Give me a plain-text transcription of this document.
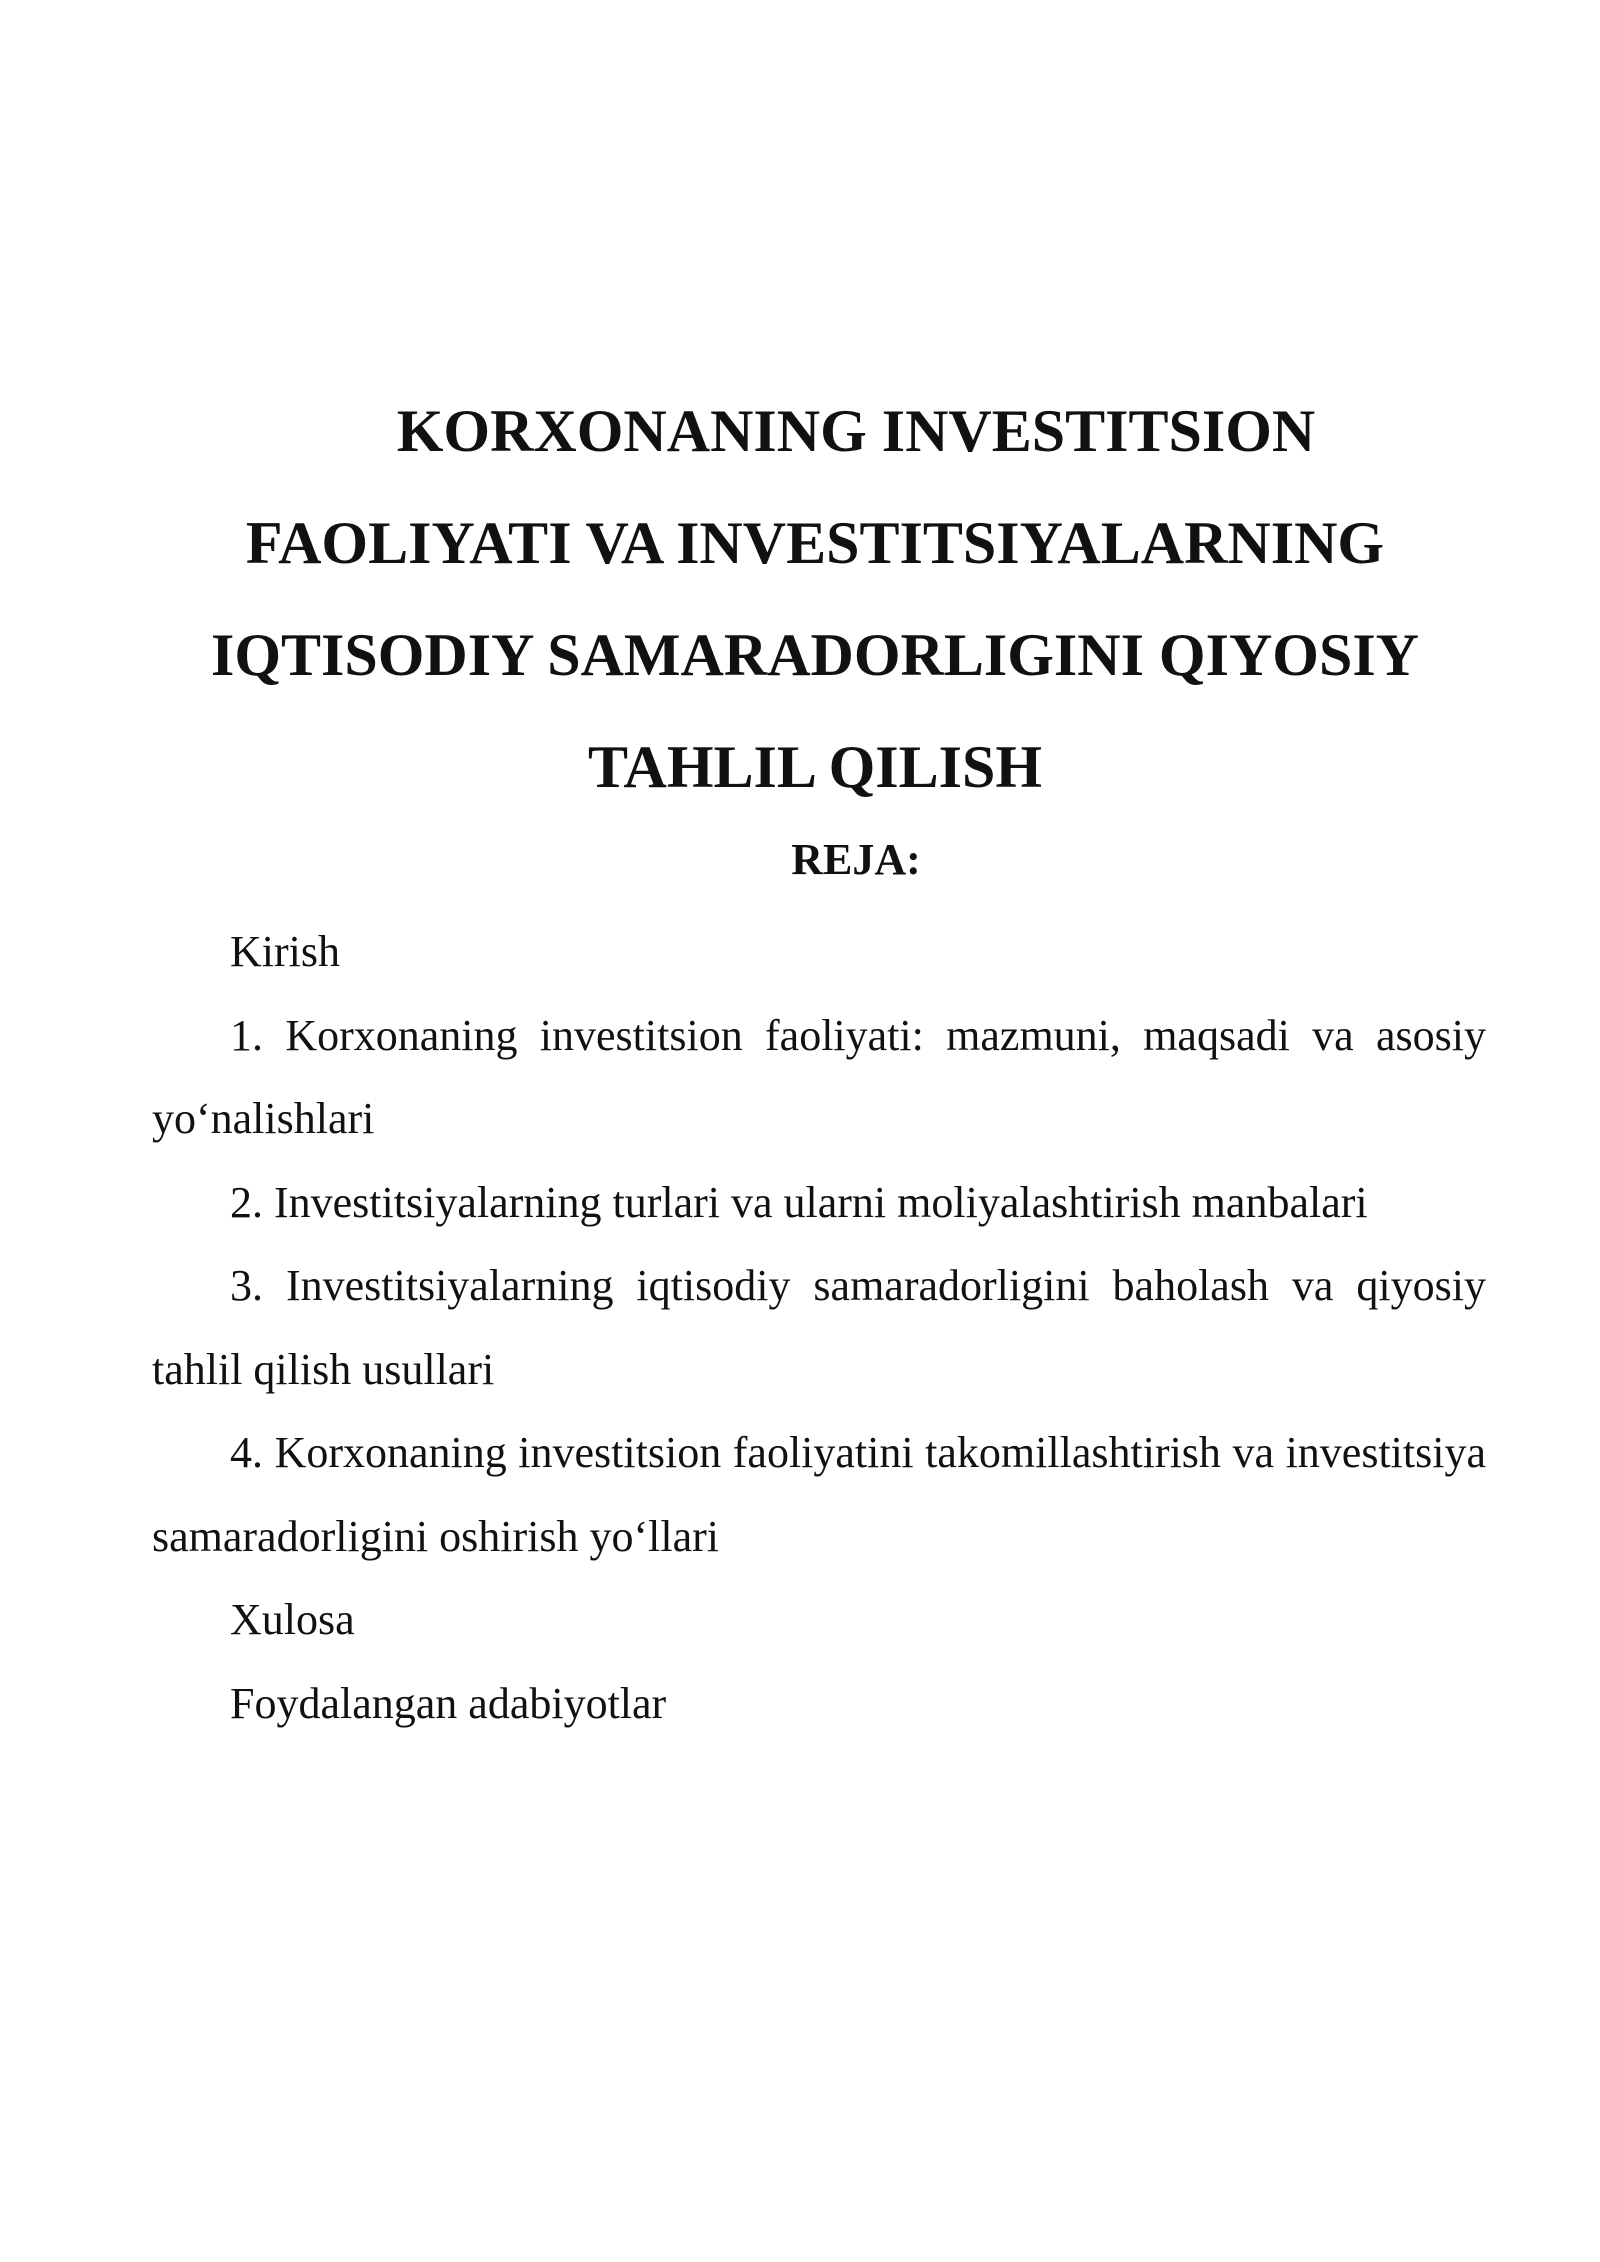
KORXONANING INVESTITSION
FAOLIYATI VA INVESTITSIYALARNING
IQTISODIY SAMARADORLIGINI QIYOSIY
TAHLIL QILISH
REJA:

Kirish

1. Korxonaning investitsion faoliyati: mazmuni, maqsadi va asosiy yo‘nalishlari

2. Investitsiyalarning turlari va ularni moliyalashtirish manbalari

3. Investitsiyalarning iqtisodiy samaradorligini baholash va qiyosiy tahlil qilish usullari

4. Korxonaning investitsion faoliyatini takomillashtirish va investitsiya samaradorligini oshirish yo‘llari

Xulosa

Foydalangan adabiyotlar
